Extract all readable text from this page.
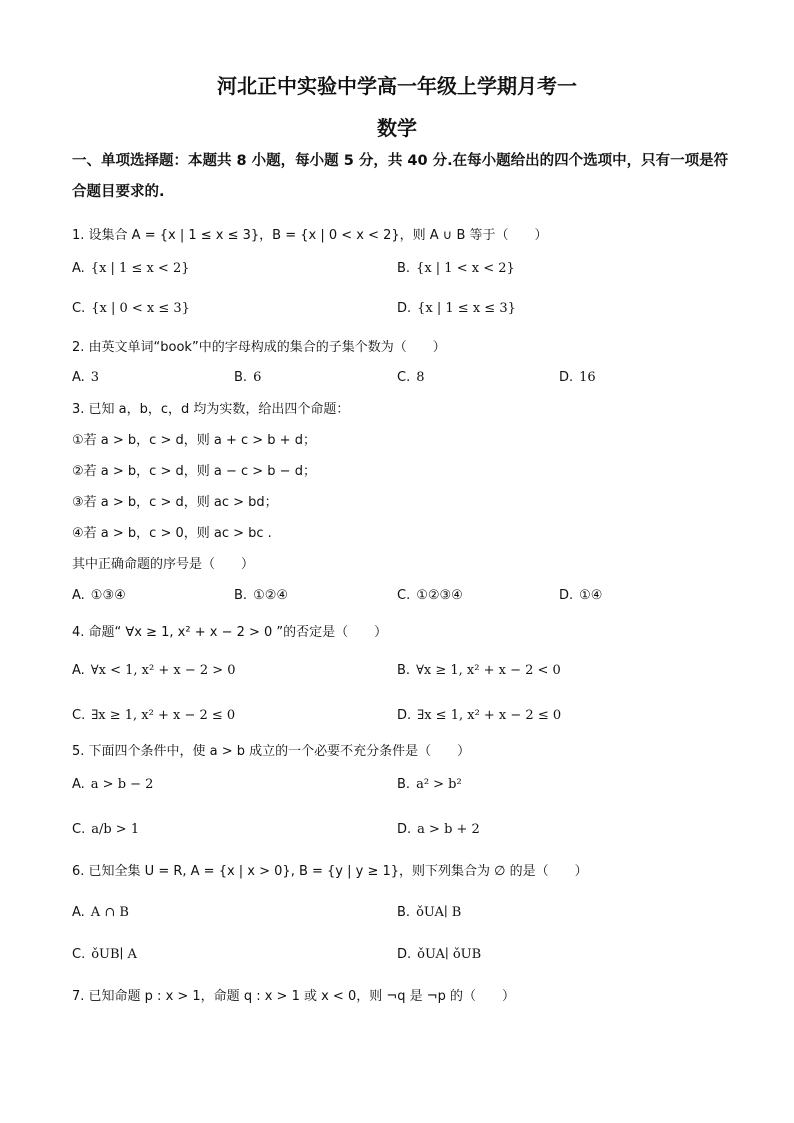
河北正中实验中学高一年级上学期月考一
数学
一、单项选择题：本题共 8 小题，每小题 5 分，共 40 分.在每小题给出的四个选项中，只有一项是符合题目要求的.
1. 设集合 A = {x | 1 ≤ x ≤ 3}，B = {x | 0 < x < 2}，则 A ∪ B 等于（　　）
A. {x | 1 ≤ x < 2}	B. {x | 1 < x < 2}
C. {x | 0 < x ≤ 3}	D. {x | 1 ≤ x ≤ 3}
2. 由英文单词“book”中的字母构成的集合的子集个数为（　　）
A. 3	B. 6	C. 8	D. 16
3. 已知 a，b，c，d 均为实数，给出四个命题：
①若 a > b，c > d，则 a + c > b + d；
②若 a > b，c > d，则 a − c > b − d；
③若 a > b，c > d，则 ac > bd；
④若 a > b，c > 0，则 ac > bc .
其中正确命题的序号是（　　）
A. ①③④	B. ①②④	C. ①②③④	D. ①④
4. 命题“ ∀x ≥ 1, x² + x − 2 > 0 ”的否定是（　　）
A. ∀x < 1, x² + x − 2 > 0	B. ∀x ≥ 1, x² + x − 2 < 0
C. ∃x ≥ 1, x² + x − 2 ≤ 0	D. ∃x ≤ 1, x² + x − 2 ≤ 0
5. 下面四个条件中，使 a > b 成立的一个必要不充分条件是（　　）
A. a > b − 2	B. a² > b²
C. a/b > 1	D. a > b + 2
6. 已知全集 U = R, A = {x | x > 0}, B = {y | y ≥ 1}，则下列集合为 ∅ 的是（　　）
A. A ∩ B	B. ǒUA∣ B
C. ǒUB∣ A	D. ǒUA∣ ǒUB
7. 已知命题 p : x > 1，命题 q : x > 1 或 x < 0，则 ¬q 是 ¬p 的（　　）
